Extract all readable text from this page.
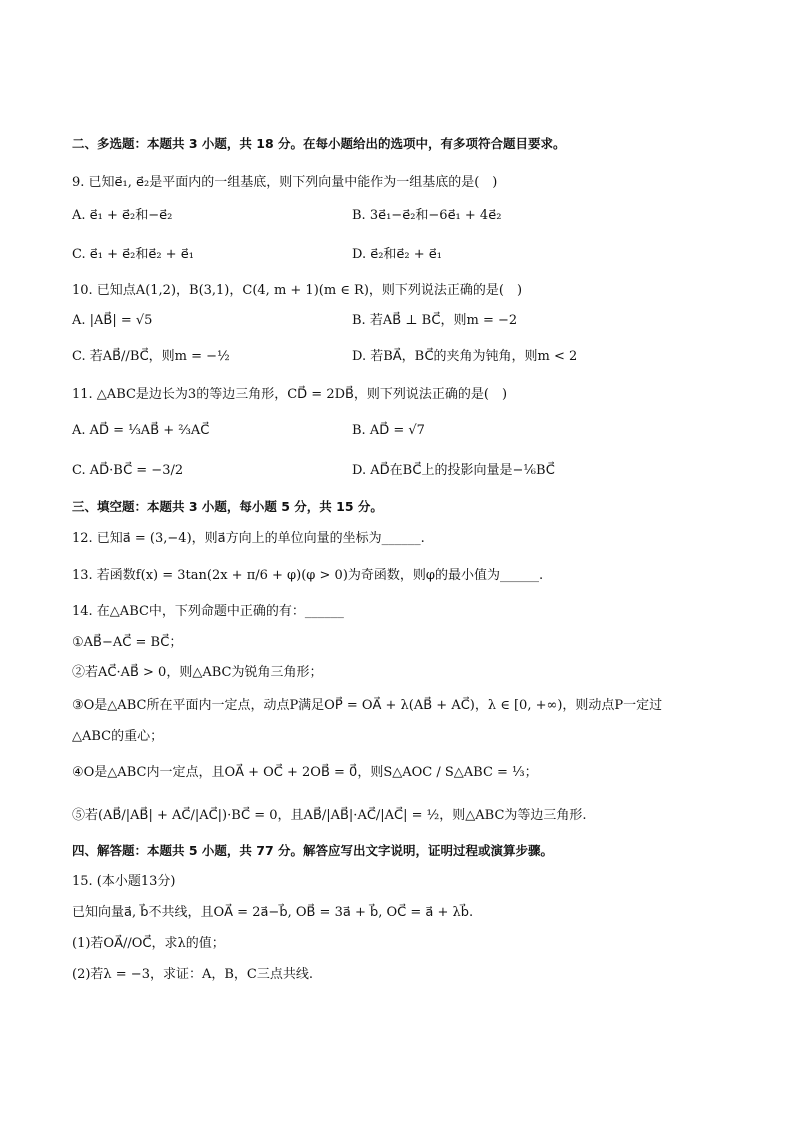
二、多选题：本题共 3 小题，共 18 分。在每小题给出的选项中，有多项符合题目要求。
9. 已知e⃗₁, e⃗₂是平面内的一组基底，则下列向量中能作为一组基底的是(　)
A. e⃗₁ + e⃗₂和−e⃗₂	B. 3e⃗₁−e⃗₂和−6e⃗₁ + 4e⃗₂
C. e⃗₁ + e⃗₂和e⃗₂ + e⃗₁	D. e⃗₂和e⃗₂ + e⃗₁
10. 已知点A(1,2)，B(3,1)，C(4, m + 1)(m ∈ R)，则下列说法正确的是(　)
A. |AB⃗| = √5	B. 若AB⃗ ⊥ BC⃗，则m = −2
C. 若AB⃗//BC⃗，则m = −½	D. 若BA⃗，BC⃗的夹角为钝角，则m < 2
11. △ABC是边长为3的等边三角形，CD⃗ = 2DB⃗，则下列说法正确的是(　)
A. AD⃗ = ⅓AB⃗ + ⅔AC⃗	B. AD⃗ = √7
C. AD⃗·BC⃗ = −3/2	D. AD⃗在BC⃗上的投影向量是−⅙BC⃗
三、填空题：本题共 3 小题，每小题 5 分，共 15 分。
12. 已知a⃗ = (3,−4)，则a⃗方向上的单位向量的坐标为______.
13. 若函数f(x) = 3tan(2x + π/6 + φ)(φ > 0)为奇函数，则φ的最小值为______.
14. 在△ABC中，下列命题中正确的有：______
①AB⃗−AC⃗ = BC⃗；
②若AC⃗·AB⃗ > 0，则△ABC为锐角三角形；
③O是△ABC所在平面内一定点，动点P满足OP⃗ = OA⃗ + λ(AB⃗ + AC⃗)，λ ∈ [0, +∞)，则动点P一定过
△ABC的重心；
④O是△ABC内一定点，且OA⃗ + OC⃗ + 2OB⃗ = 0⃗，则S△AOC / S△ABC = ⅓；
⑤若(AB⃗/|AB⃗| + AC⃗/|AC⃗|)·BC⃗ = 0，且AB⃗/|AB⃗|·AC⃗/|AC⃗| = ½，则△ABC为等边三角形.
四、解答题：本题共 5 小题，共 77 分。解答应写出文字说明，证明过程或演算步骤。
15. (本小题13分)
已知向量a⃗, b⃗不共线，且OA⃗ = 2a⃗−b⃗, OB⃗ = 3a⃗ + b⃗, OC⃗ = a⃗ + λb⃗.
(1)若OA⃗//OC⃗，求λ的值；
(2)若λ = −3，求证：A，B，C三点共线.
